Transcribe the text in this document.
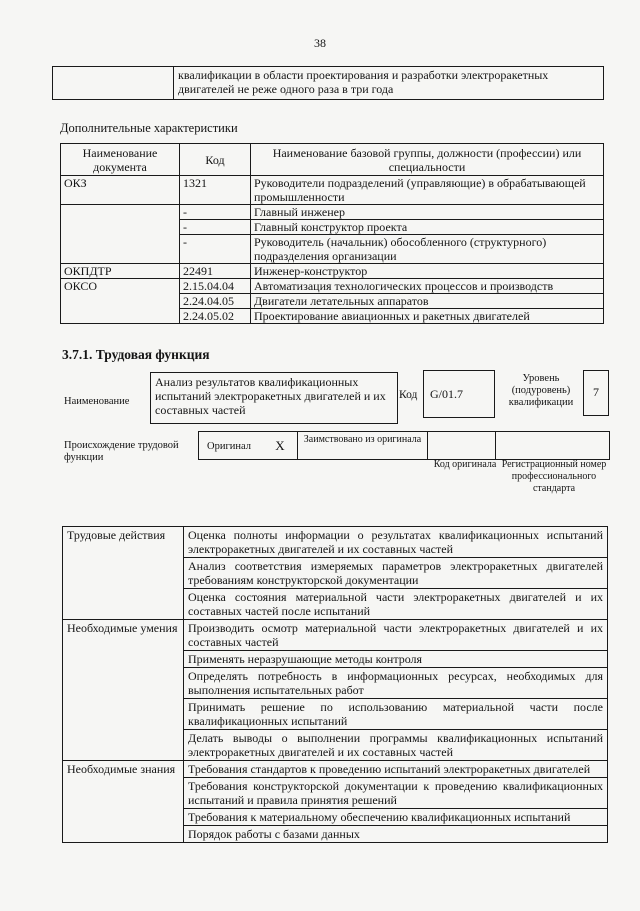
38
	квалификации в области проектирования и разработки электроракетных двигателей не реже одного раза в три года
Дополнительные характеристики
Наименование документа	Код	Наименование базовой группы, должности (профессии) или специальности
ОКЗ	1321	Руководители подразделений (управляющие) в обрабатывающей промышленности
	-	Главный инженер
	-	Главный конструктор проекта
	-	Руководитель (начальник) обособленного (структурного) подразделения организации
ОКПДТР	22491	Инженер-конструктор
ОКСО	2.15.04.04	Автоматизация технологических процессов и производств
	2.24.04.05	Двигатели летательных аппаратов
	2.24.05.02	Проектирование авиационных и ракетных двигателей
3.7.1. Трудовая функция
Наименование
Анализ результатов квалификационных испытаний электроракетных двигателей и их составных частей
Код	G/01.7
Уровень (подуровень) квалификации
7
Происхождение трудовой функции
Оригинал	X	Заимствовано из оригинала
Код оригинала Регистрационный номер профессионального стандарта
Трудовые действия	Оценка полноты информации о результатах квалификационных испытаний электроракетных двигателей и их составных частей
	Анализ соответствия измеряемых параметров электроракетных двигателей требованиям конструкторской документации
	Оценка состояния материальной части электроракетных двигателей и их составных частей после испытаний
Необходимые умения	Производить осмотр материальной части электроракетных двигателей и их составных частей
	Применять неразрушающие методы контроля
	Определять потребность в информационных ресурсах, необходимых для выполнения испытательных работ
	Принимать решение по использованию материальной части после квалификационных испытаний
	Делать выводы о выполнении программы квалификационных испытаний электроракетных двигателей и их составных частей
Необходимые знания	Требования стандартов к проведению испытаний электроракетных двигателей
	Требования конструкторской документации к проведению квалификационных испытаний и правила принятия решений
	Требования к материальному обеспечению квалификационных испытаний
	Порядок работы с базами данных
